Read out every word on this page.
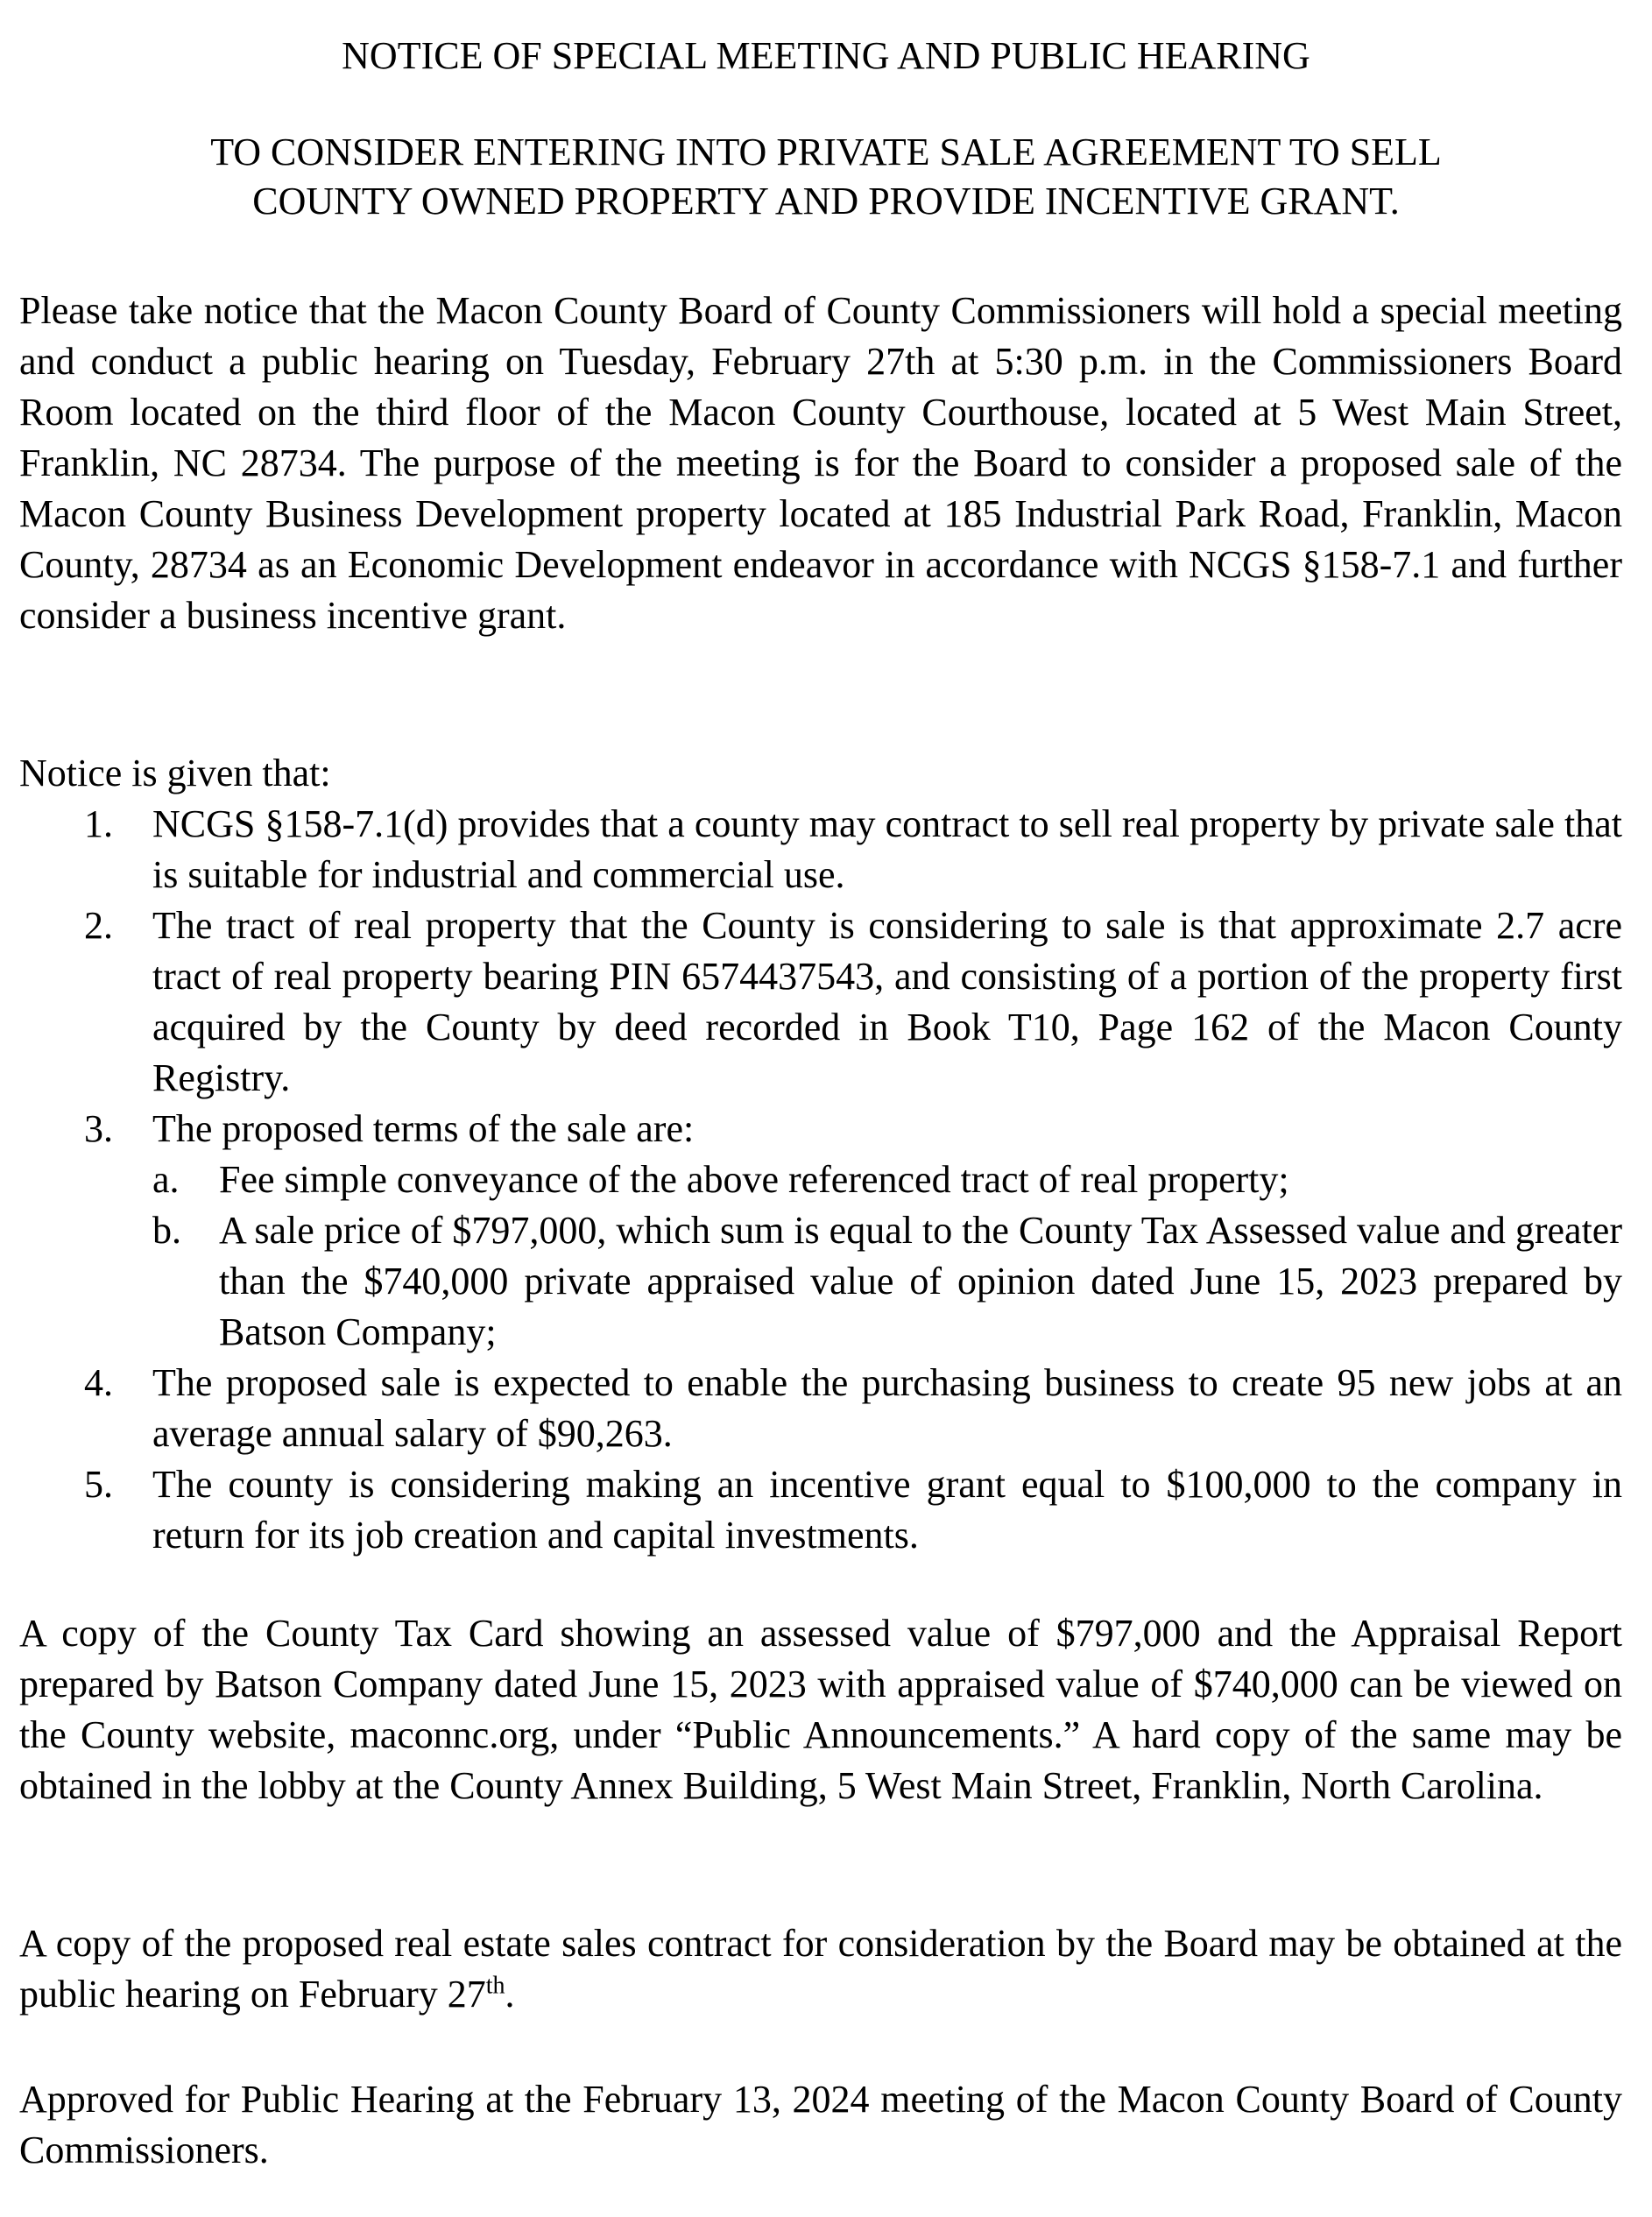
NOTICE OF SPECIAL MEETING AND PUBLIC HEARING
TO CONSIDER ENTERING INTO PRIVATE SALE AGREEMENT TO SELL
COUNTY OWNED PROPERTY AND PROVIDE INCENTIVE GRANT.

Please take notice that the Macon County Board of County Commissioners will hold a special meeting and conduct a public hearing on Tuesday, February 27th at 5:30 p.m. in the Commissioners Board Room located on the third floor of the Macon County Courthouse, located at 5 West Main Street, Franklin, NC 28734. The purpose of the meeting is for the Board to consider a proposed sale of the Macon County Business Development property located at 185 Industrial Park Road, Franklin, Macon County, 28734 as an Economic Development endeavor in accordance with NCGS §158-7.1 and further consider a business incentive grant.

Notice is given that:

1. NCGS §158-7.1(d) provides that a county may contract to sell real property by private sale that is suitable for industrial and commercial use.
2. The tract of real property that the County is considering to sale is that approximate 2.7 acre tract of real property bearing PIN 6574437543, and consisting of a portion of the property first acquired by the County by deed recorded in Book T10, Page 162 of the Macon County Registry.
3. The proposed terms of the sale are:
a. Fee simple conveyance of the above referenced tract of real property;
b. A sale price of $797,000, which sum is equal to the County Tax Assessed value and greater than the $740,000 private appraised value of opinion dated June 15, 2023 prepared by Batson Company;
4. The proposed sale is expected to enable the purchasing business to create 95 new jobs at an average annual salary of $90,263.
5. The county is considering making an incentive grant equal to $100,000 to the company in return for its job creation and capital investments.

A copy of the County Tax Card showing an assessed value of $797,000 and the Appraisal Report prepared by Batson Company dated June 15, 2023 with appraised value of $740,000 can be viewed on the County website, maconnc.org, under “Public Announcements.” A hard copy of the same may be obtained in the lobby at the County Annex Building, 5 West Main Street, Franklin, North Carolina.

A copy of the proposed real estate sales contract for consideration by the Board may be obtained at the public hearing on February 27th.

Approved for Public Hearing at the February 13, 2024 meeting of the Macon County Board of County Commissioners.
